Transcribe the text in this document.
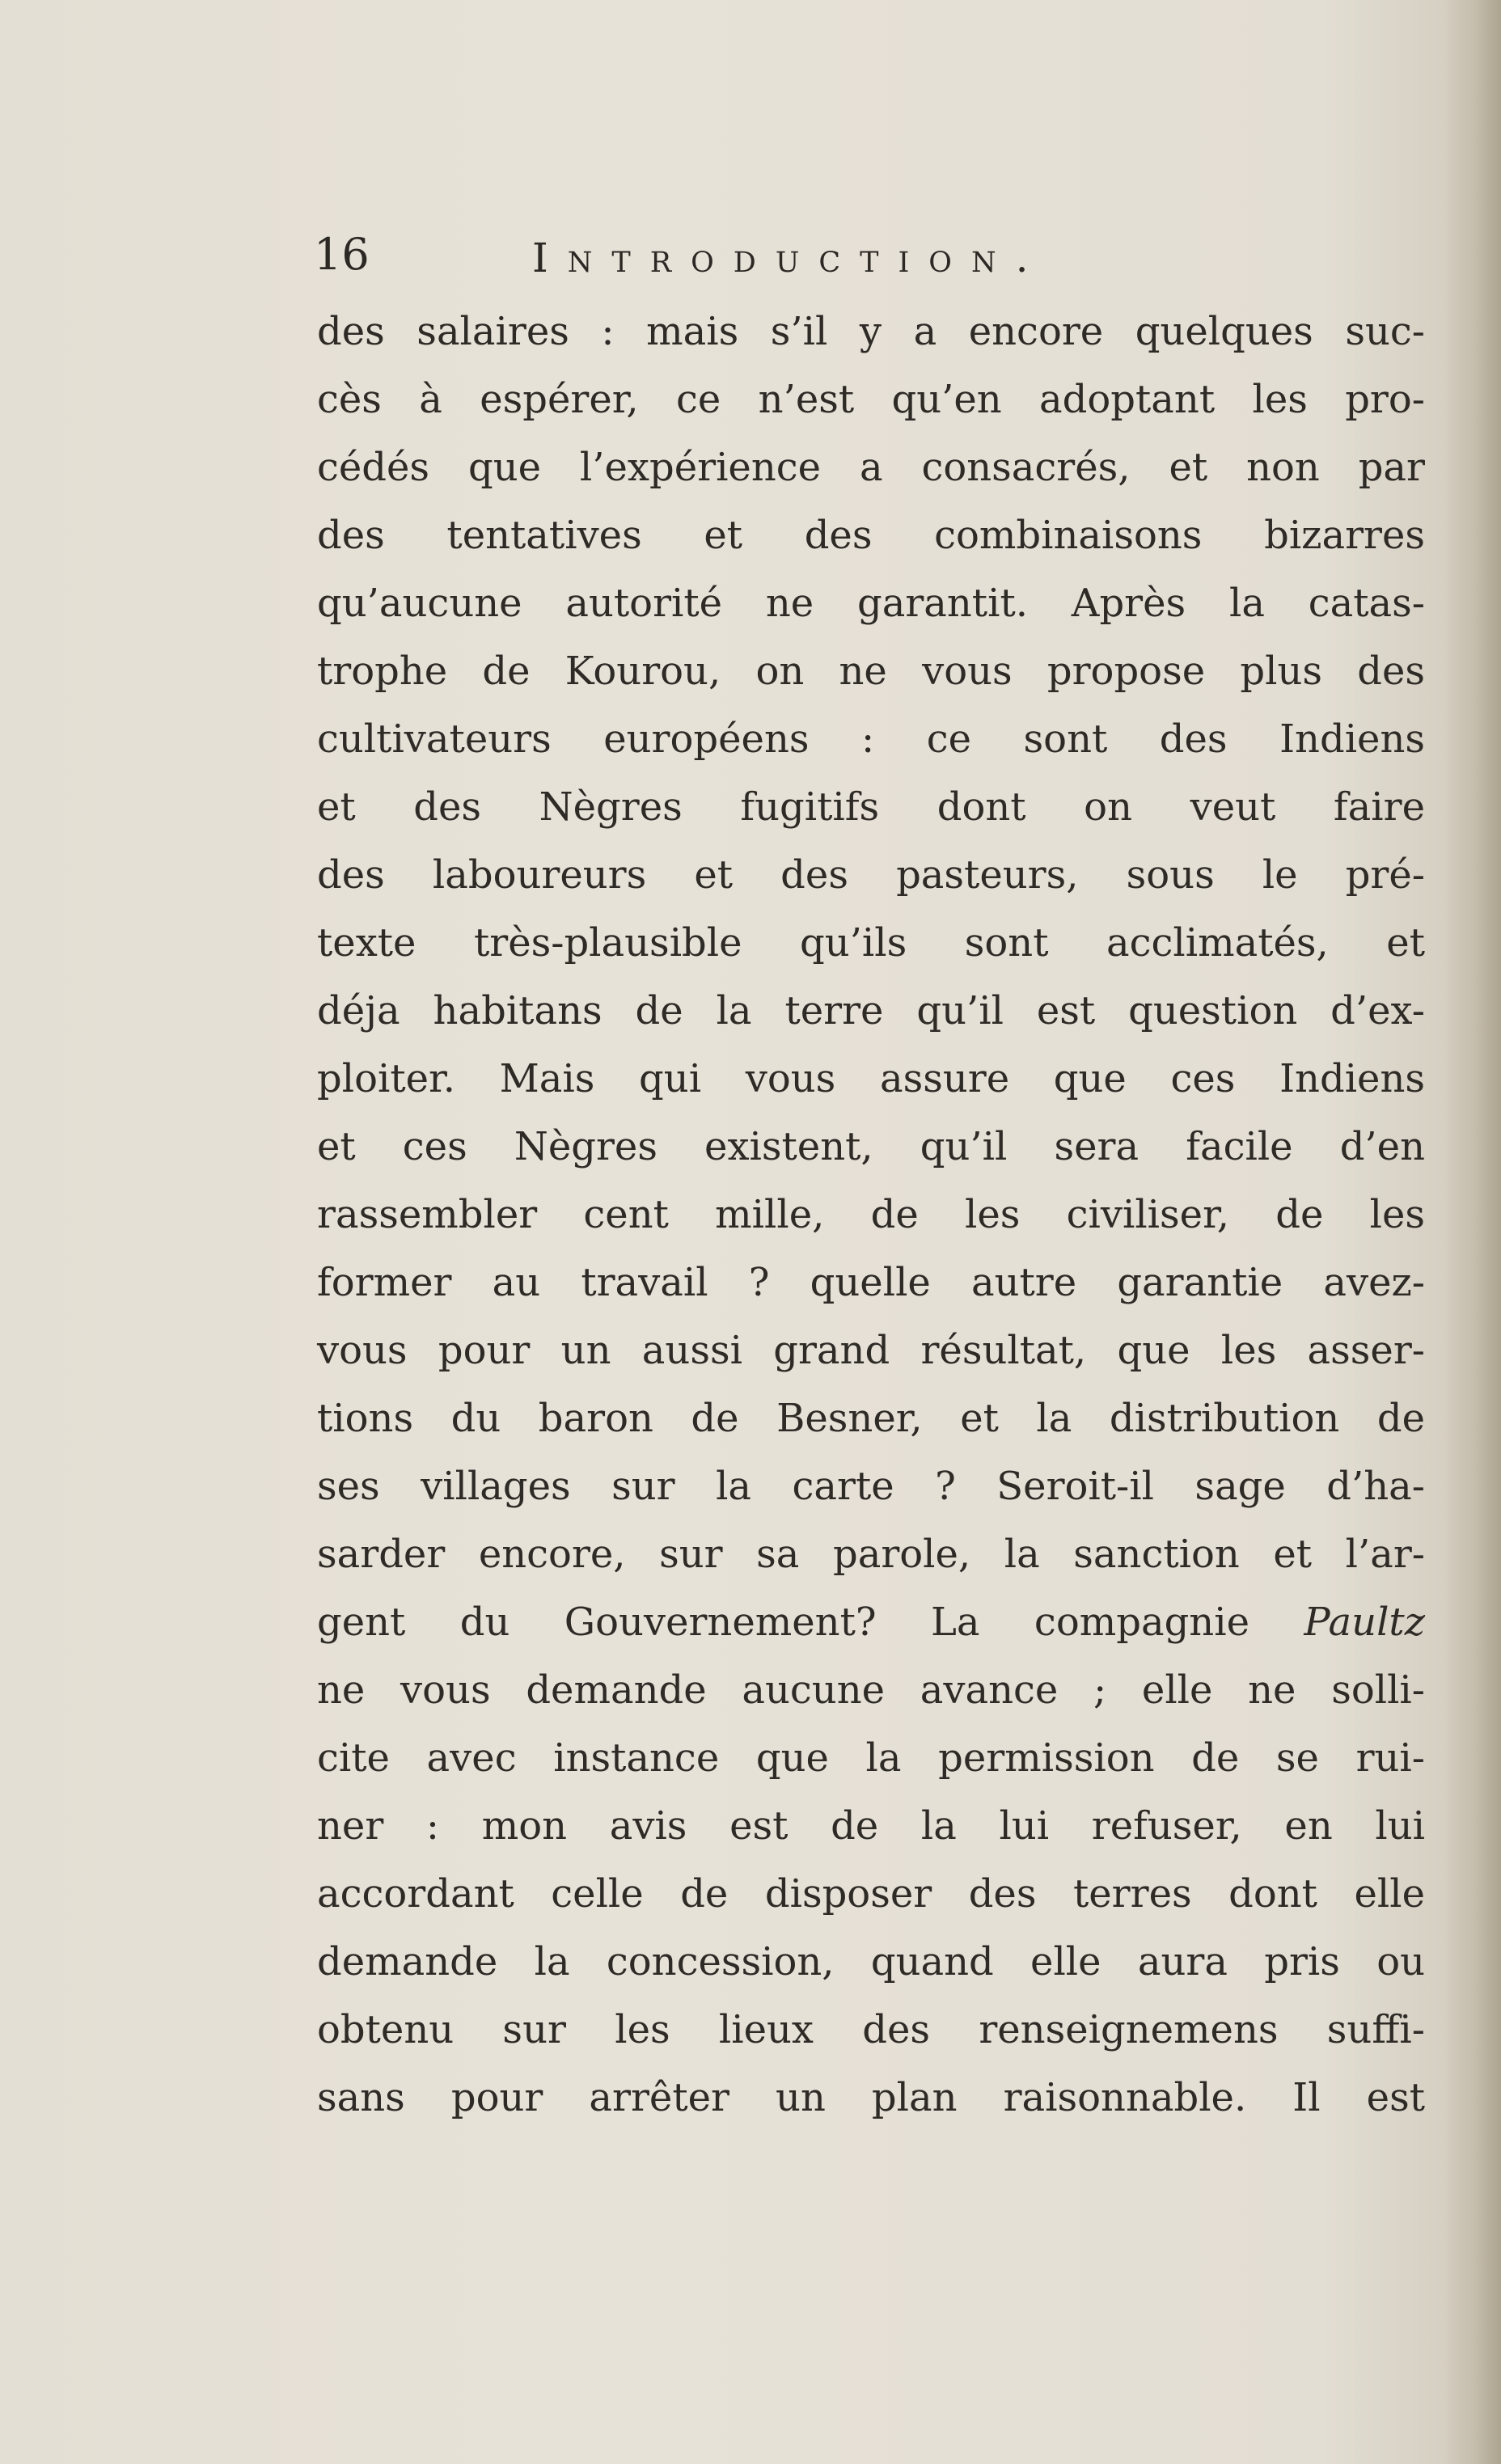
16	Introduction.
des salaires : mais s’il y a encore quelques suc-
cès à espérer, ce n’est qu’en adoptant les pro-
cédés que l’expérience a consacrés, et non par
des tentatives et des combinaisons bizarres
qu’aucune autorité ne garantit. Après la catas-
trophe de Kourou, on ne vous propose plus des
cultivateurs européens : ce sont des Indiens
et des Nègres fugitifs dont on veut faire
des laboureurs et des pasteurs, sous le pré-
texte très-plausible qu’ils sont acclimatés, et
déja habitans de la terre qu’il est question d’ex-
ploiter. Mais qui vous assure que ces Indiens
et ces Nègres existent, qu’il sera facile d’en
rassembler cent mille, de les civiliser, de les
former au travail ? quelle autre garantie avez-
vous pour un aussi grand résultat, que les asser-
tions du baron de Besner, et la distribution de
ses villages sur la carte ? Seroit-il sage d’ha-
sarder encore, sur sa parole, la sanction et l’ar-
gent du Gouvernement? La compagnie Paultz
ne vous demande aucune avance ; elle ne solli-
cite avec instance que la permission de se rui-
ner : mon avis est de la lui refuser, en lui
accordant celle de disposer des terres dont elle
demande la concession, quand elle aura pris ou
obtenu sur les lieux des renseignemens suffi-
sans pour arrêter un plan raisonnable. Il est
